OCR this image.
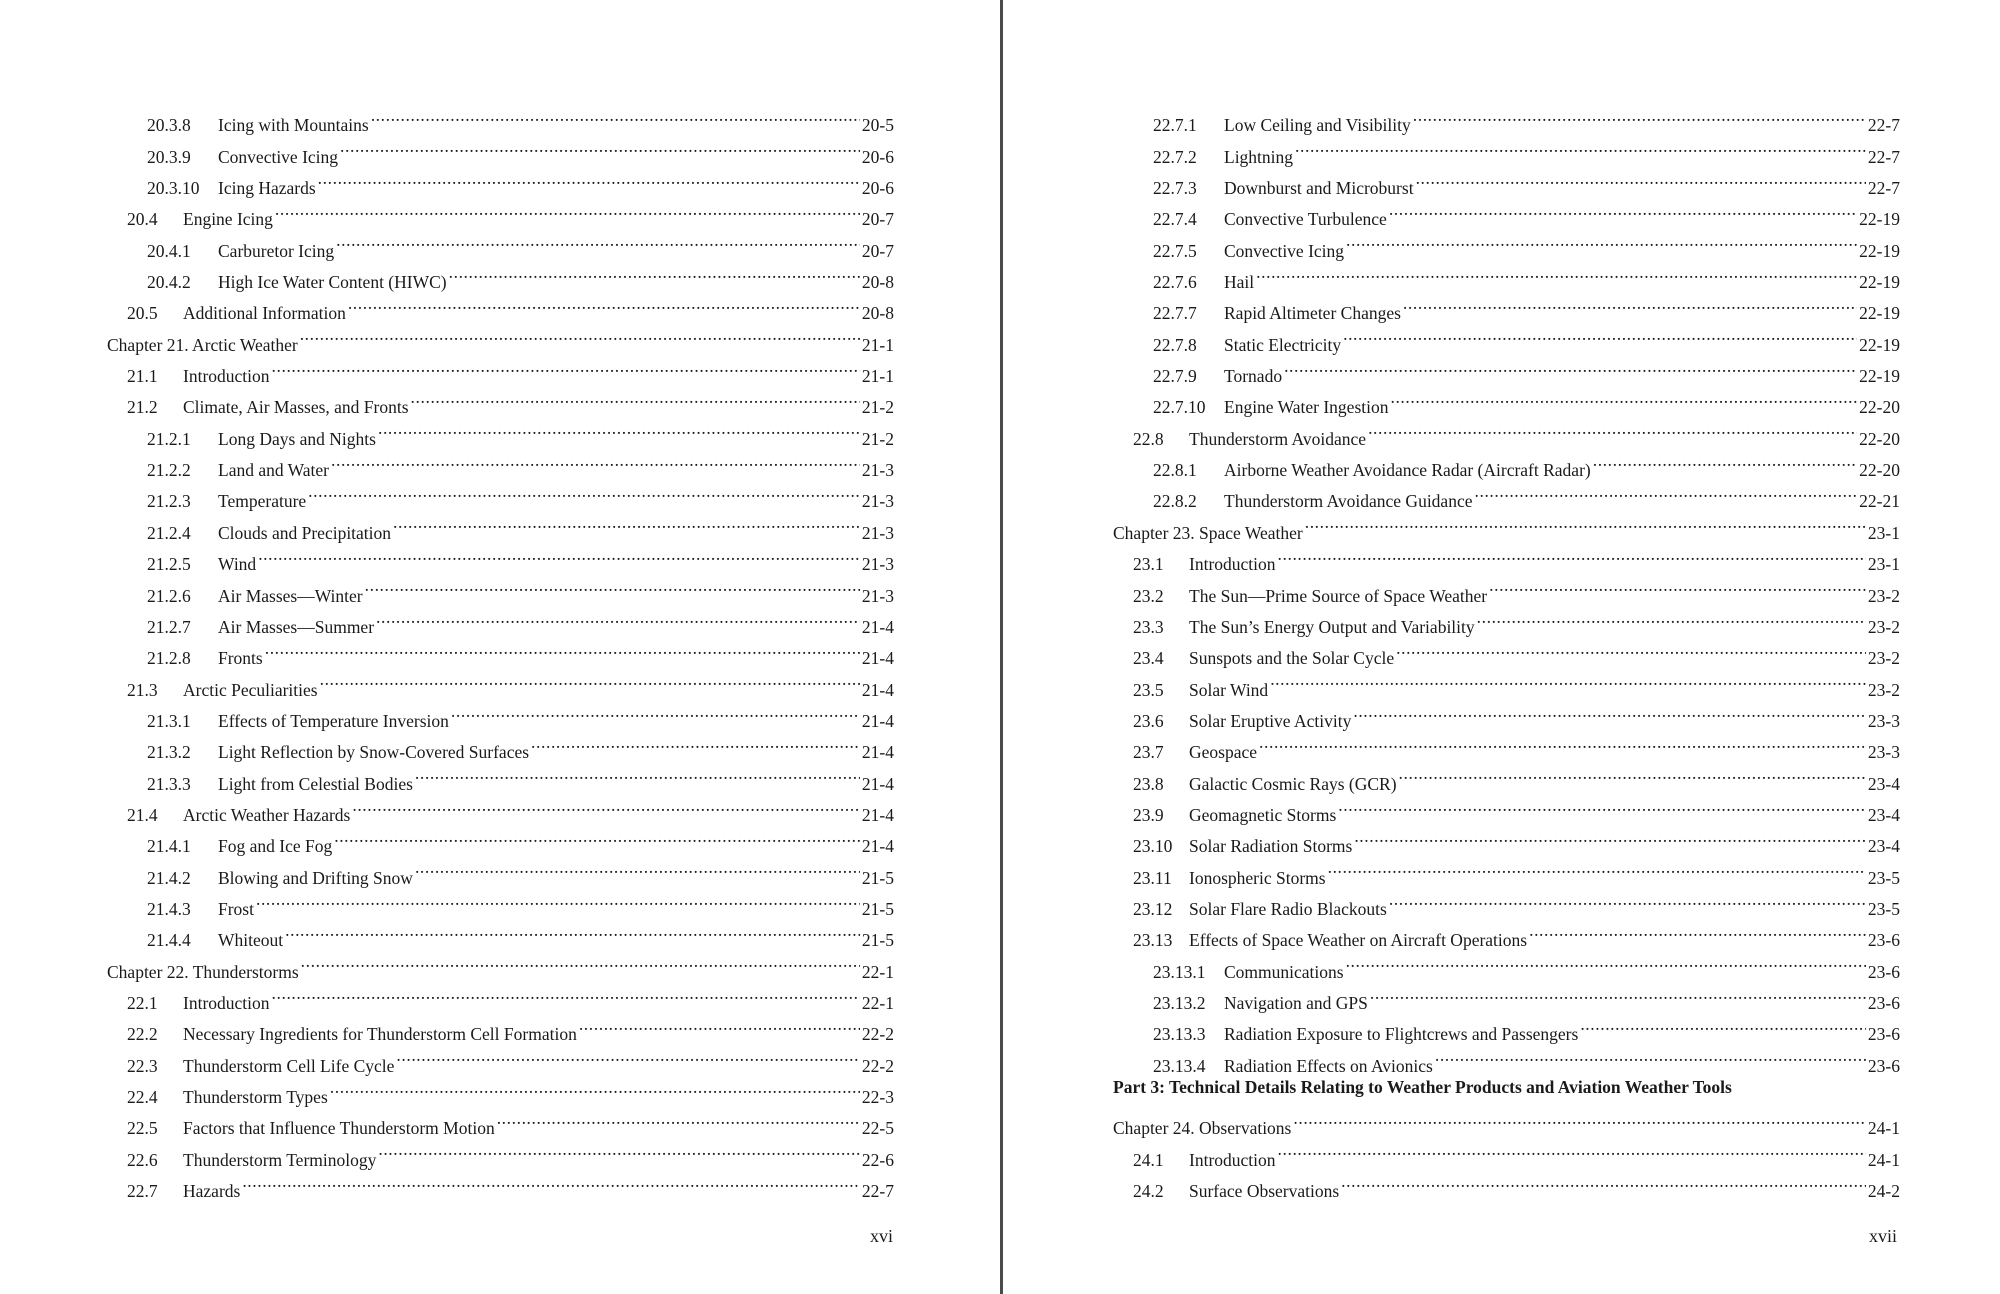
20.3.8	Icing with Mountains .....	20-5
20.3.9	Convective Icing .....	20-6
20.3.10	Icing Hazards .....	20-6
20.4	Engine Icing .....	20-7
20.4.1	Carburetor Icing .....	20-7
20.4.2	High Ice Water Content (HIWC) .....	20-8
20.5	Additional Information .....	20-8
Chapter 21. Arctic Weather .....	21-1
21.1	Introduction .....	21-1
21.2	Climate, Air Masses, and Fronts .....	21-2
21.2.1	Long Days and Nights .....	21-2
21.2.2	Land and Water .....	21-3
21.2.3	Temperature .....	21-3
21.2.4	Clouds and Precipitation .....	21-3
21.2.5	Wind .....	21-3
21.2.6	Air Masses—Winter .....	21-3
21.2.7	Air Masses—Summer .....	21-4
21.2.8	Fronts .....	21-4
21.3	Arctic Peculiarities .....	21-4
21.3.1	Effects of Temperature Inversion .....	21-4
21.3.2	Light Reflection by Snow-Covered Surfaces .....	21-4
21.3.3	Light from Celestial Bodies .....	21-4
21.4	Arctic Weather Hazards .....	21-4
21.4.1	Fog and Ice Fog .....	21-4
21.4.2	Blowing and Drifting Snow .....	21-5
21.4.3	Frost .....	21-5
21.4.4	Whiteout .....	21-5
Chapter 22. Thunderstorms .....	22-1
22.1	Introduction .....	22-1
22.2	Necessary Ingredients for Thunderstorm Cell Formation .....	22-2
22.3	Thunderstorm Cell Life Cycle .....	22-2
22.4	Thunderstorm Types .....	22-3
22.5	Factors that Influence Thunderstorm Motion .....	22-5
22.6	Thunderstorm Terminology .....	22-6
22.7	Hazards .....	22-7
xvi
22.7.1	Low Ceiling and Visibility .....	22-7
22.7.2	Lightning .....	22-7
22.7.3	Downburst and Microburst .....	22-7
22.7.4	Convective Turbulence .....	22-19
22.7.5	Convective Icing .....	22-19
22.7.6	Hail .....	22-19
22.7.7	Rapid Altimeter Changes .....	22-19
22.7.8	Static Electricity .....	22-19
22.7.9	Tornado .....	22-19
22.7.10	Engine Water Ingestion .....	22-20
22.8	Thunderstorm Avoidance .....	22-20
22.8.1	Airborne Weather Avoidance Radar (Aircraft Radar) .....	22-20
22.8.2	Thunderstorm Avoidance Guidance .....	22-21
Chapter 23. Space Weather .....	23-1
23.1	Introduction .....	23-1
23.2	The Sun—Prime Source of Space Weather .....	23-2
23.3	The Sun’s Energy Output and Variability .....	23-2
23.4	Sunspots and the Solar Cycle .....	23-2
23.5	Solar Wind .....	23-2
23.6	Solar Eruptive Activity .....	23-3
23.7	Geospace .....	23-3
23.8	Galactic Cosmic Rays (GCR) .....	23-4
23.9	Geomagnetic Storms .....	23-4
23.10 Solar Radiation Storms .....	23-4
23.11 Ionospheric Storms .....	23-5
23.12 Solar Flare Radio Blackouts .....	23-5
23.13 Effects of Space Weather on Aircraft Operations .....	23-6
23.13.1	Communications .....	23-6
23.13.2	Navigation and GPS .....	23-6
23.13.3	Radiation Exposure to Flightcrews and Passengers .....	23-6
23.13.4	Radiation Effects on Avionics .....	23-6
Part 3: Technical Details Relating to Weather Products and Aviation Weather Tools
Chapter 24. Observations .....	24-1
24.1	Introduction .....	24-1
24.2	Surface Observations .....	24-2
xvii
